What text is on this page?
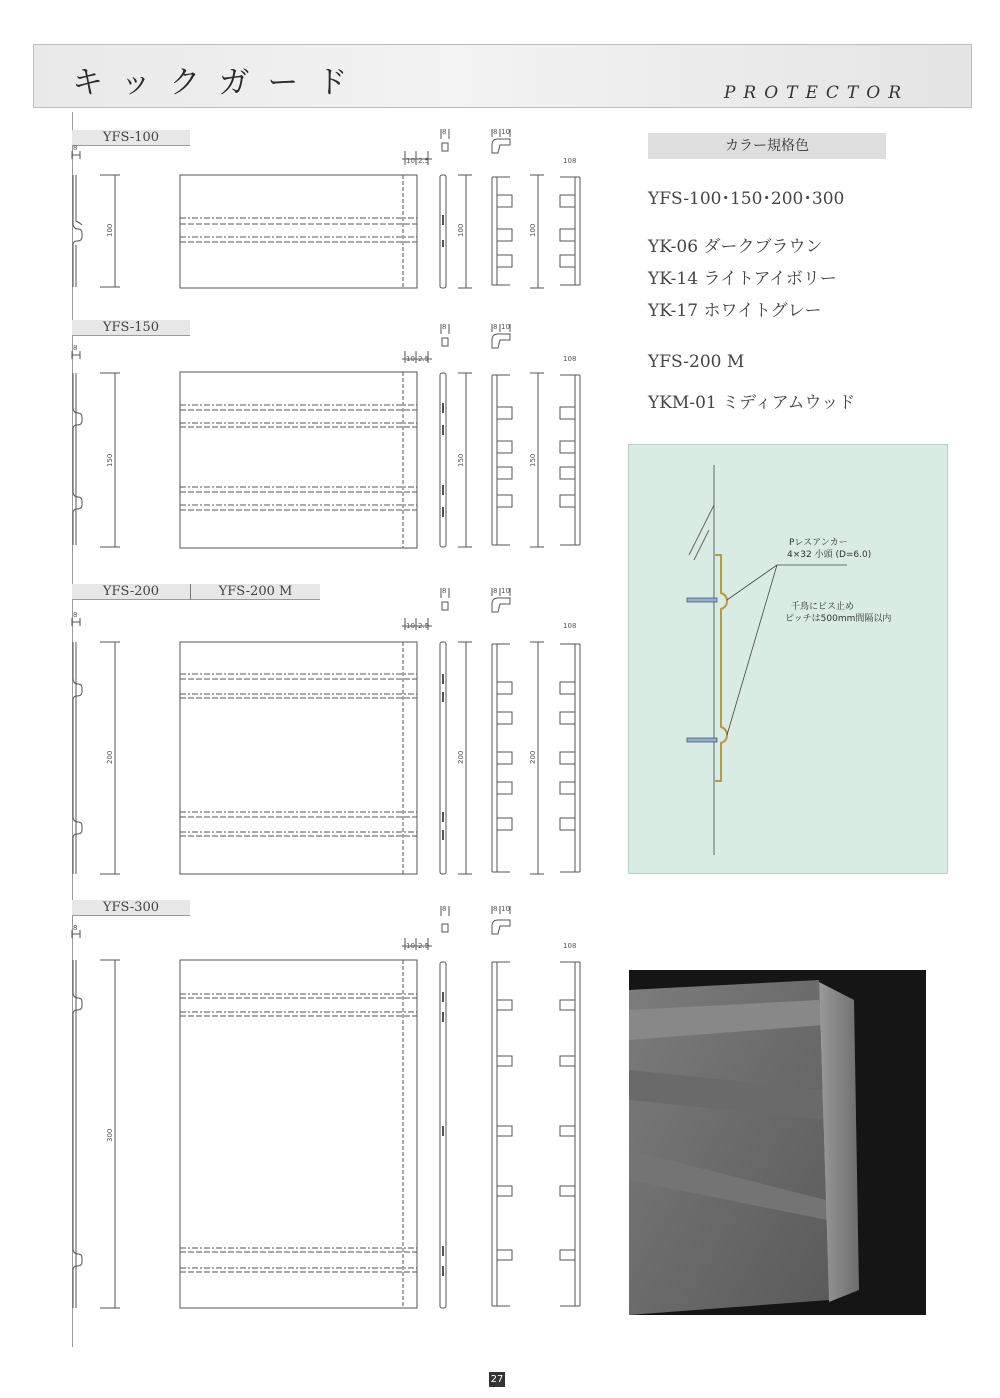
キックガード	PROTECTOR
YFS-100
YFS-150
YFS-200	YFS-200 M
YFS-300
8
10 2.5	10 8
100	100	100
8	8 10
8
10 2.5	10 8
150	150	150
8	8 10
8
10 2.5	10 8
200	200	200
8	8 10
8
10 2.5	10 8
300
8	8 10
カラー規格色
YFS-100･150･200･300
YK-06 ダークブラウン
YK-14 ライトアイボリー
YK-17 ホワイトグレー
YFS-200 M
YKM-01 ミディアムウッド
Pレスアンカー
4×32 小頭 (D=6.0)
千鳥にビス止め
ピッチは500mm間隔以内
27
